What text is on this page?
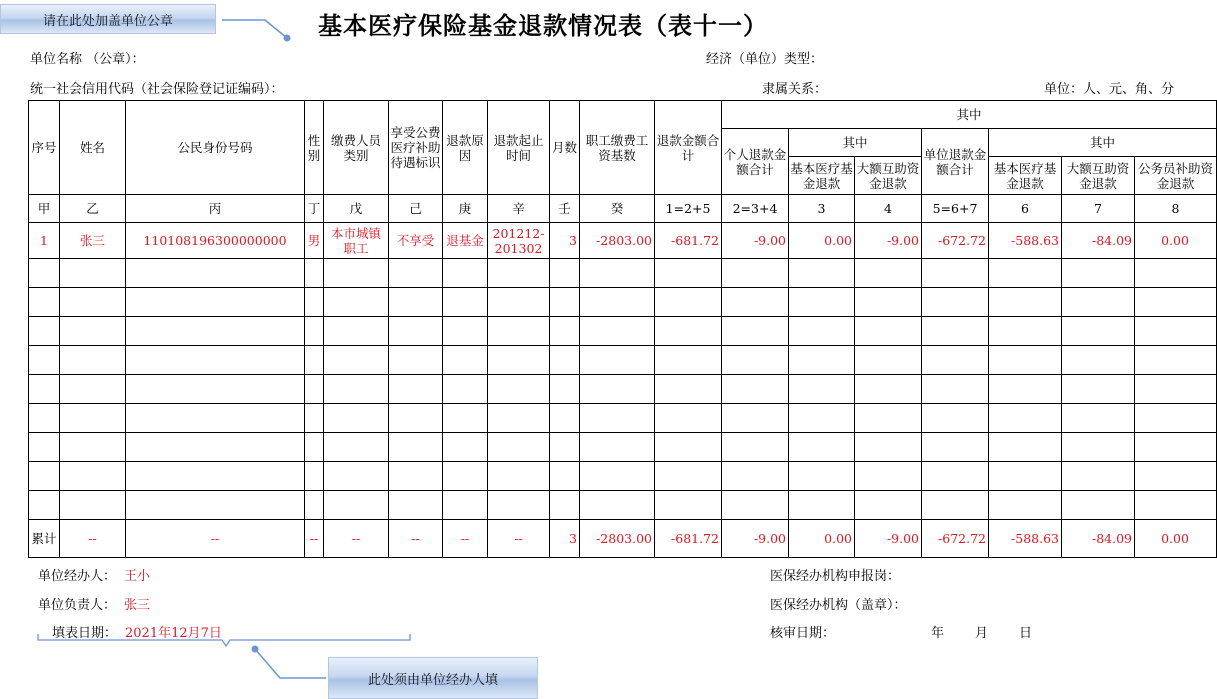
请在此处加盖单位公章
此处须由单位经办人填
基本医疗保险基金退款情况表（表十一）
单位名称 （公章）：	经济（单位）类型：
统一社会信用代码（社会保险登记证编码）：	隶属关系：	单位：人、元、角、分
序号	姓名	公民身份号码	性别	缴费人员类别	享受公费医疗补助待遇标识	退款原因	退款起止时间	月数	职工缴费工资基数	退款金额合计	其中						
											个人退款金额合计	其中		单位退款金额合计	其中		
												基本医疗基金退款	大额互助资金退款		基本医疗基金退款	大额互助资金退款	公务员补助资金退款
甲	乙	丙	丁	戊	己	庚	辛	壬	癸	1=2+5	2=3+4	3	4	5=6+7	6	7	8
1	张三	110108196300000000	男	本市城镇职工	不享受	退基金	201212-201302	3	-2803.00	-681.72	-9.00	0.00	-9.00	-672.72	-588.63	-84.09	0.00

累计	--	--	--	--	--	--	--	3	-2803.00	-681.72	-9.00	0.00	-9.00	-672.72	-588.63	-84.09	0.00
单位经办人： 王小
单位负责人： 张三
填表日期： 2021年12月7日
医保经办机构申报岗：
医保经办机构（盖章）：
核审日期：	年 月 日
